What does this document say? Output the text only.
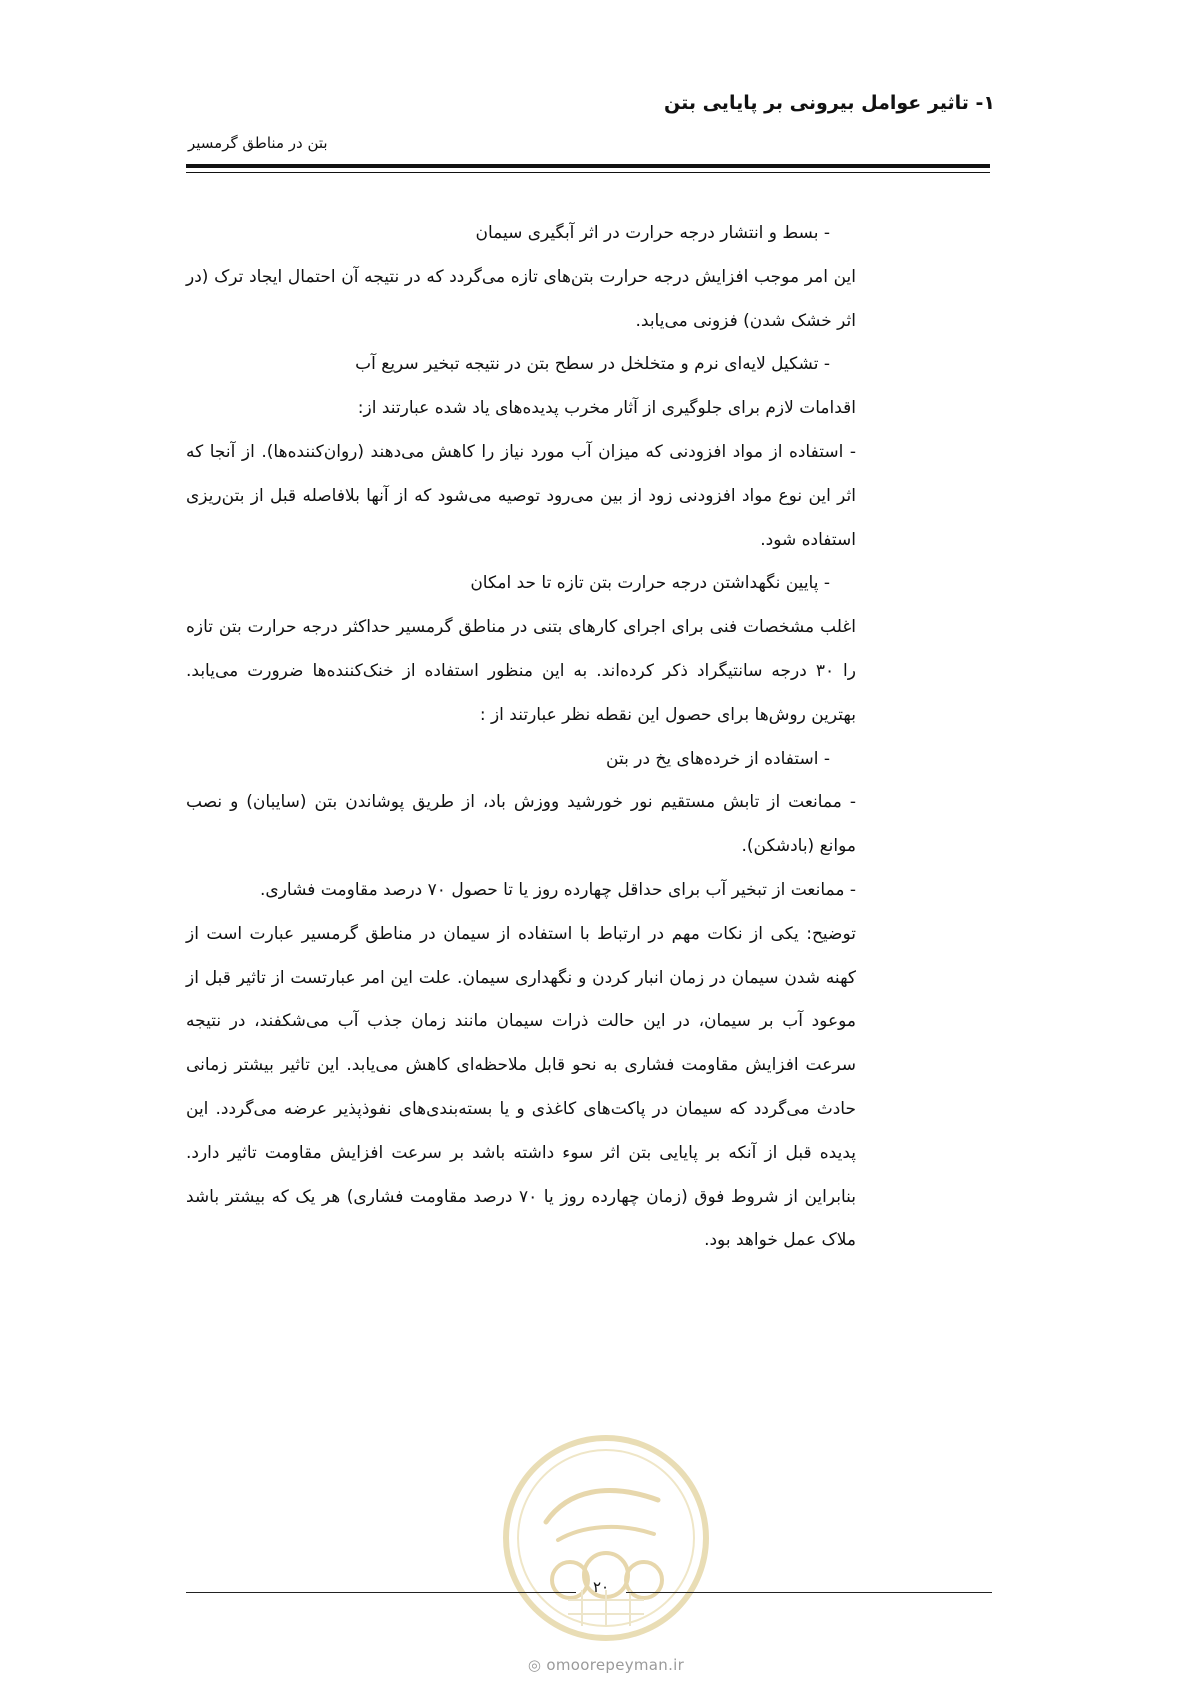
۱- تاثیر عوامل بیرونی بر پایایی بتن
بتن در مناطق گرمسیر

- بسط و انتشار درجه حرارت در اثر آبگیری سیمان

این امر موجب افزایش درجه حرارت بتن‌های تازه می‌گردد که در نتیجه آن احتمال ایجاد ترک (در اثر خشک شدن) فزونی می‌یابد.

- تشکیل لایه‌ای نرم و متخلخل در سطح بتن در نتیجه تبخیر سریع آب

اقدامات لازم برای جلوگیری از آثار مخرب پدیده‌های یاد شده عبارتند از:

- استفاده از مواد افزودنی که میزان آب مورد نیاز را کاهش می‌دهند (روان‌کننده‌ها). از آنجا که اثر این نوع مواد افزودنی زود از بین می‌رود توصیه می‌شود که از آنها بلافاصله قبل از بتن‌ریزی استفاده شود.

- پایین نگهداشتن درجه حرارت بتن تازه تا حد امکان

اغلب مشخصات فنی برای اجرای کارهای بتنی در مناطق گرمسیر حداکثر درجه حرارت بتن تازه را ۳۰ درجه سانتیگراد ذکر کرده‌اند. به این منظور استفاده از خنک‌کننده‌ها ضرورت می‌یابد. بهترین روش‌ها برای حصول این نقطه نظر عبارتند از :

- استفاده از خرده‌های یخ در بتن

- ممانعت از تابش مستقیم نور خورشید ووزش باد، از طریق پوشاندن بتن (سایبان) و نصب موانع (بادشکن).

- ممانعت از تبخیر آب برای حداقل چهارده روز یا تا حصول ۷۰ درصد مقاومت فشاری.

توضیح: یکی از نکات مهم در ارتباط با استفاده از سیمان در مناطق گرمسیر عبارت است از کهنه شدن سیمان در زمان انبار کردن و نگهداری سیمان. علت این امر عبارتست از تاثیر قبل از موعود آب بر سیمان، در این حالت ذرات سیمان مانند زمان جذب آب می‌شکفند، در نتیجه سرعت افزایش مقاومت فشاری به نحو قابل ملاحظه‌ای کاهش می‌یابد. این تاثیر بیشتر زمانی حادث می‌گردد که سیمان در پاکت‌های کاغذی و یا بسته‌بندی‌های نفوذپذیر عرضه می‌گردد. این پدیده قبل از آنکه بر پایایی بتن اثر سوء داشته باشد بر سرعت افزایش مقاومت تاثیر دارد. بنابراین از شروط فوق (زمان چهارده روز یا ۷۰ درصد مقاومت فشاری) هر یک که بیشتر باشد ملاک عمل خواهد بود.

۲۰
◎ omoorepeyman.ir
